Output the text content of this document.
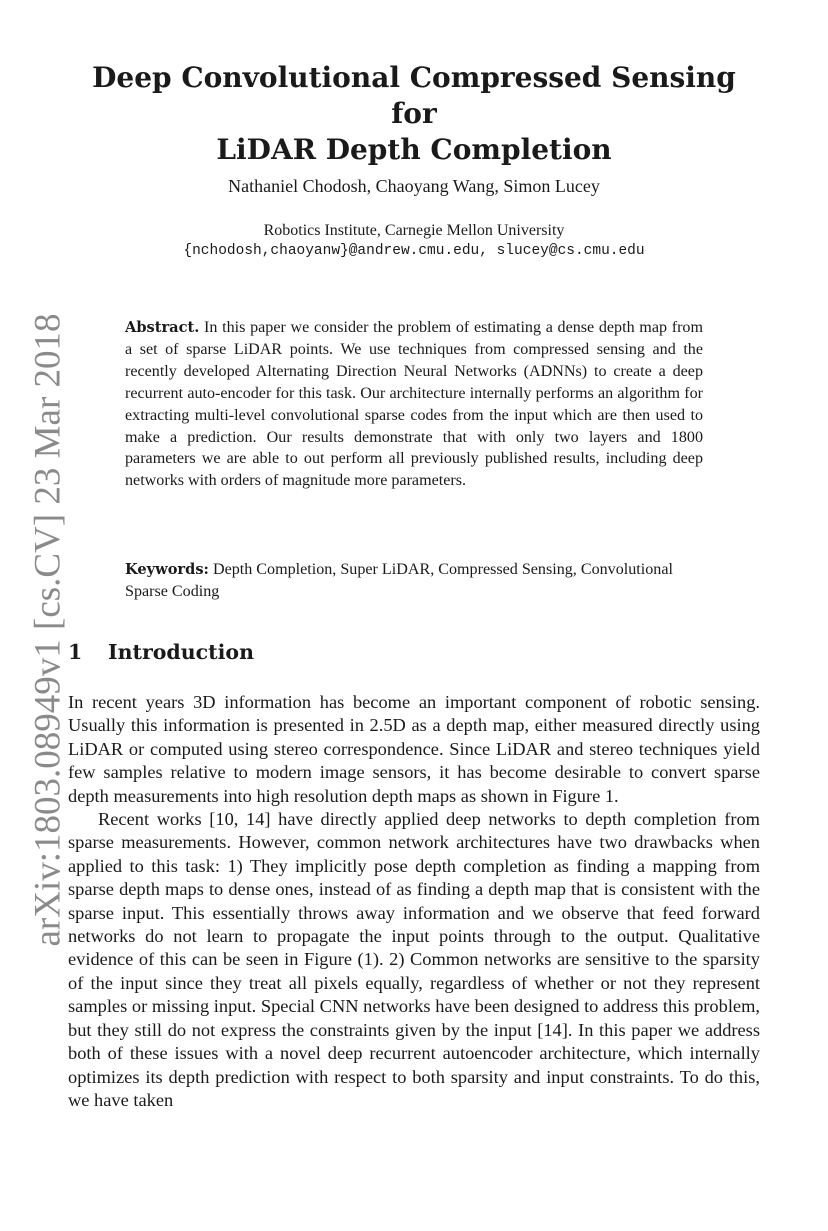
arXiv:1803.08949v1 [cs.CV] 23 Mar 2018
Deep Convolutional Compressed Sensing for
LiDAR Depth Completion
Nathaniel Chodosh, Chaoyang Wang, Simon Lucey
Robotics Institute, Carnegie Mellon University
{nchodosh,chaoyanw}@andrew.cmu.edu, slucey@cs.cmu.edu

Abstract. In this paper we consider the problem of estimating a dense depth map from a set of sparse LiDAR points. We use techniques from compressed sensing and the recently developed Alternating Direction Neural Networks (ADNNs) to create a deep recurrent auto-encoder for this task. Our architecture internally performs an algorithm for extracting multi-level convolutional sparse codes from the input which are then used to make a prediction. Our results demonstrate that with only two layers and 1800 parameters we are able to out perform all previously published results, including deep networks with orders of magnitude more parameters.

Keywords: Depth Completion, Super LiDAR, Compressed Sensing, Convolutional Sparse Coding

1 Introduction

In recent years 3D information has become an important component of robotic sensing. Usually this information is presented in 2.5D as a depth map, either measured directly using LiDAR or computed using stereo correspondence. Since LiDAR and stereo techniques yield few samples relative to modern image sensors, it has become desirable to convert sparse depth measurements into high resolution depth maps as shown in Figure 1.

Recent works [10, 14] have directly applied deep networks to depth completion from sparse measurements. However, common network architectures have two drawbacks when applied to this task: 1) They implicitly pose depth completion as finding a mapping from sparse depth maps to dense ones, instead of as finding a depth map that is consistent with the sparse input. This essentially throws away information and we observe that feed forward networks do not learn to propagate the input points through to the output. Qualitative evidence of this can be seen in Figure (1). 2) Common networks are sensitive to the sparsity of the input since they treat all pixels equally, regardless of whether or not they represent samples or missing input. Special CNN networks have been designed to address this problem, but they still do not express the constraints given by the input [14]. In this paper we address both of these issues with a novel deep recurrent autoencoder architecture, which internally optimizes its depth prediction with respect to both sparsity and input constraints. To do this, we have taken
